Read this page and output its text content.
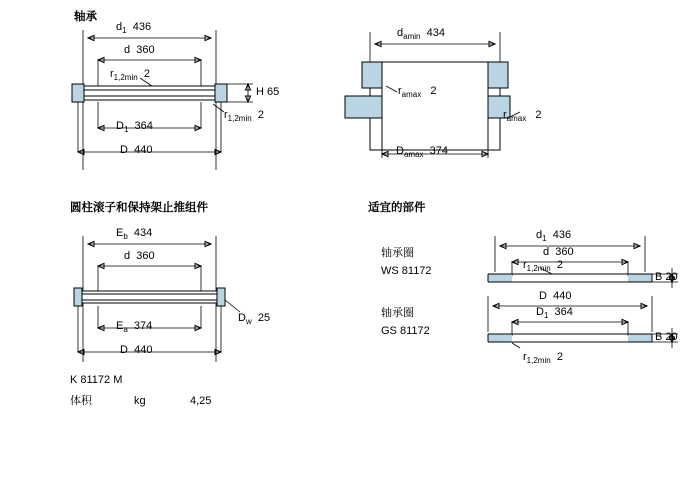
轴承
圆柱滚子和保持架止推组件	适宜的部件
$d_1$ 436
d 360
$r_{1,2min}$ 2
H 65
$r_{1,2min}$ 2
$D_1$ 364
D 440
$d_{amin}$ 434
$r_{amax}$ 2
$r_{amax}$ 2
$D_{amax}$ 374
$E_b$ 434
d 360
$E_a$ 374
$D_w$ 25
D 440
K 81172 M
体积	kg	4,25
轴承圈
WS 81172
$d_1$ 436
d 360
$r_{1,2min}$ 2
B 20
轴承圈
GS 81172
D 440
$D_1$ 364
B 20
$r_{1,2min}$ 2
